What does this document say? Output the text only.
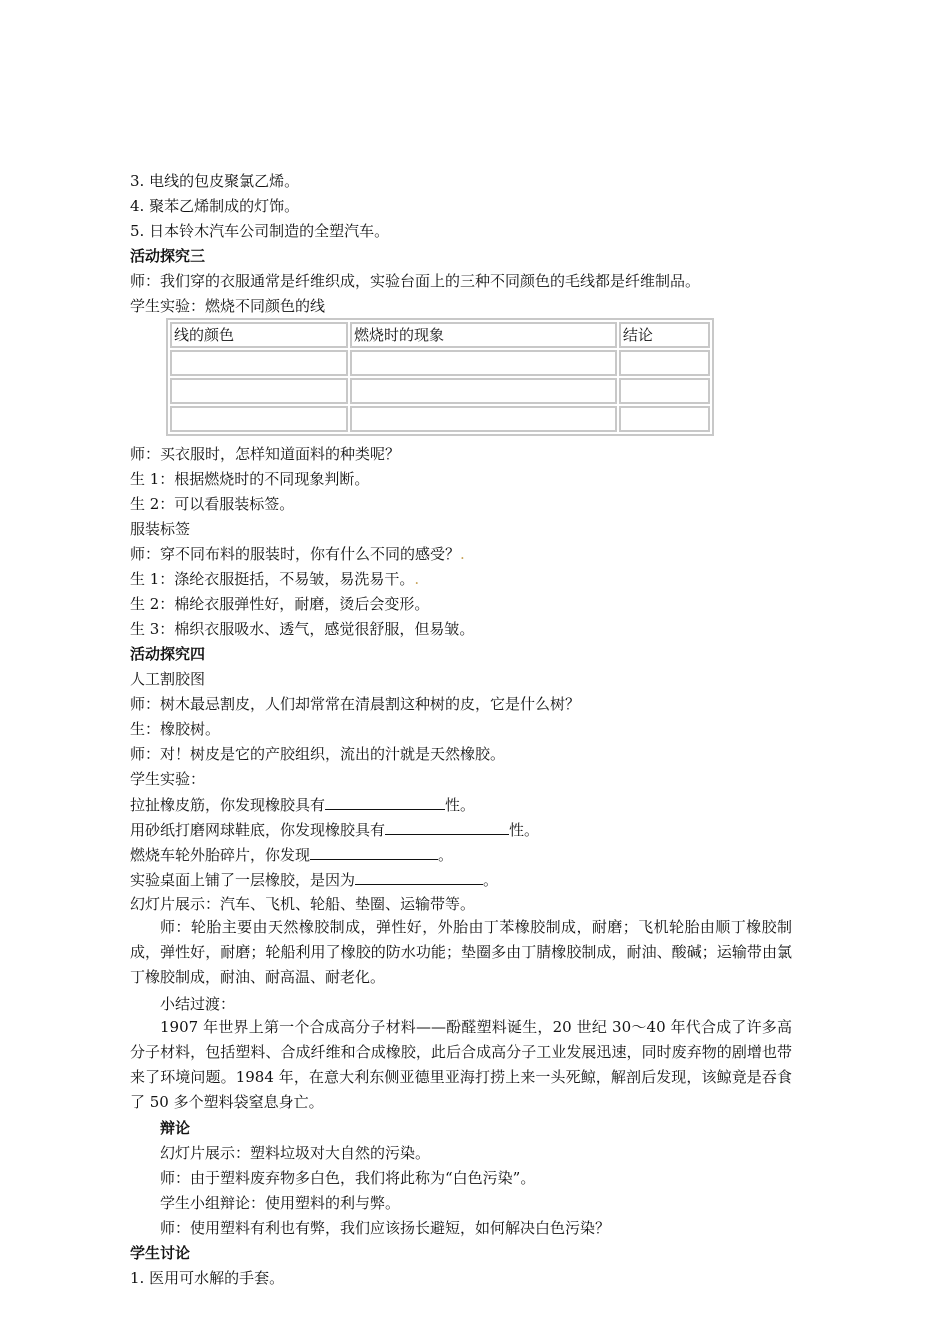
3. 电线的包皮聚氯乙烯。
4. 聚苯乙烯制成的灯饰。
5. 日本铃木汽车公司制造的全塑汽车。
活动探究三
师：我们穿的衣服通常是纤维织成，实验台面上的三种不同颜色的毛线都是纤维制品。
学生实验：燃烧不同颜色的线
线的颜色	燃烧时的现象	结论

师：买衣服时，怎样知道面料的种类呢？
生 1：根据燃烧时的不同现象判断。
生 2：可以看服装标签。
服装标签
师：穿不同布料的服装时，你有什么不同的感受？.
生 1：涤纶衣服挺括，不易皱，易洗易干。.
生 2：棉纶衣服弹性好，耐磨，烫后会变形。
生 3：棉织衣服吸水、透气，感觉很舒服，但易皱。
活动探究四
人工割胶图
师：树木最忌割皮，人们却常常在清晨割这种树的皮，它是什么树？
生：橡胶树。
师：对！树皮是它的产胶组织，流出的汁就是天然橡胶。
学生实验：
拉扯橡皮筋，你发现橡胶具有	性。
用砂纸打磨网球鞋底，你发现橡胶具有	性。
燃烧车轮外胎碎片，你发现	。
实验桌面上铺了一层橡胶，是因为	。
幻灯片展示：汽车、飞机、轮船、垫圈、运输带等。
师：轮胎主要由天然橡胶制成，弹性好，外胎由丁苯橡胶制成，耐磨；飞机轮胎由顺丁橡胶制成，弹性好，耐磨；轮船利用了橡胶的防水功能；垫圈多由丁腈橡胶制成，耐油、酸碱；运输带由氯丁橡胶制成，耐油、耐高温、耐老化。
小结过渡：
1907 年世界上第一个合成高分子材料——酚醛塑料诞生，20 世纪 30～40 年代合成了许多高分子材料，包括塑料、合成纤维和合成橡胶，此后合成高分子工业发展迅速，同时废弃物的剧增也带来了环境问题。1984 年，在意大利东侧亚德里亚海打捞上来一头死鲸，解剖后发现，该鲸竟是吞食了 50 多个塑料袋窒息身亡。
辩论
幻灯片展示：塑料垃圾对大自然的污染。
师：由于塑料废弃物多白色，我们将此称为“白色污染”。
学生小组辩论：使用塑料的利与弊。
师：使用塑料有利也有弊，我们应该扬长避短，如何解决白色污染？
学生讨论
1. 医用可水解的手套。
